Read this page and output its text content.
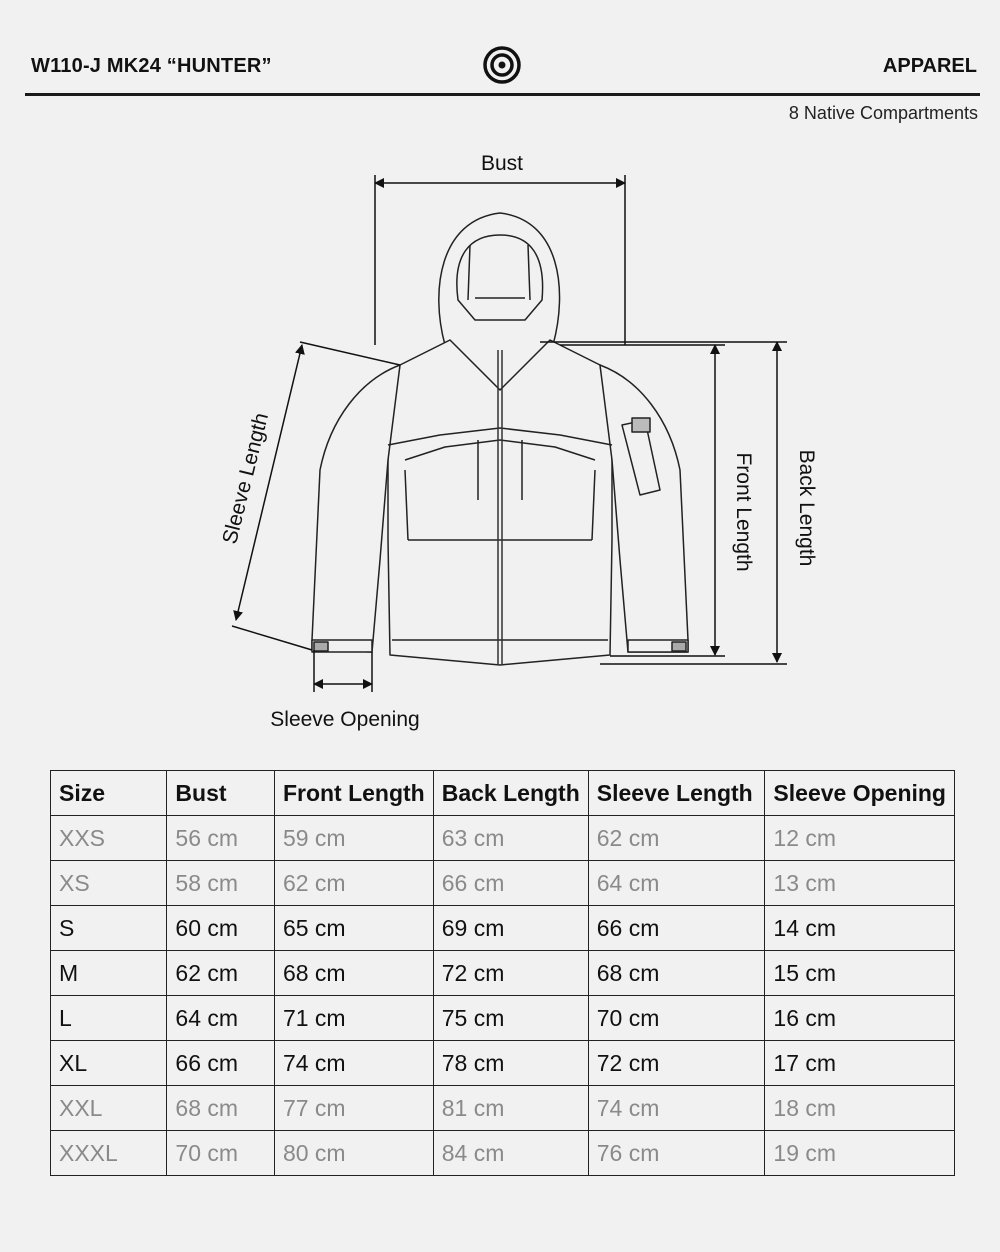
W110-J MK24 “HUNTER”	APPAREL
8 Native Compartments
Bust
Sleeve Length	Front Length Back Length
Sleeve Opening
Size	Bust	Front Length	Back Length	Sleeve Length	Sleeve Opening
XXS	56 cm	59 cm	63 cm	62 cm	12 cm
XS	58 cm	62 cm	66 cm	64 cm	13 cm
S	60 cm	65 cm	69 cm	66 cm	14 cm
M	62 cm	68 cm	72 cm	68 cm	15 cm
L	64 cm	71 cm	75 cm	70 cm	16 cm
XL	66 cm	74 cm	78 cm	72 cm	17 cm
XXL	68 cm	77 cm	81 cm	74 cm	18 cm
XXXL	70 cm	80 cm	84 cm	76 cm	19 cm
